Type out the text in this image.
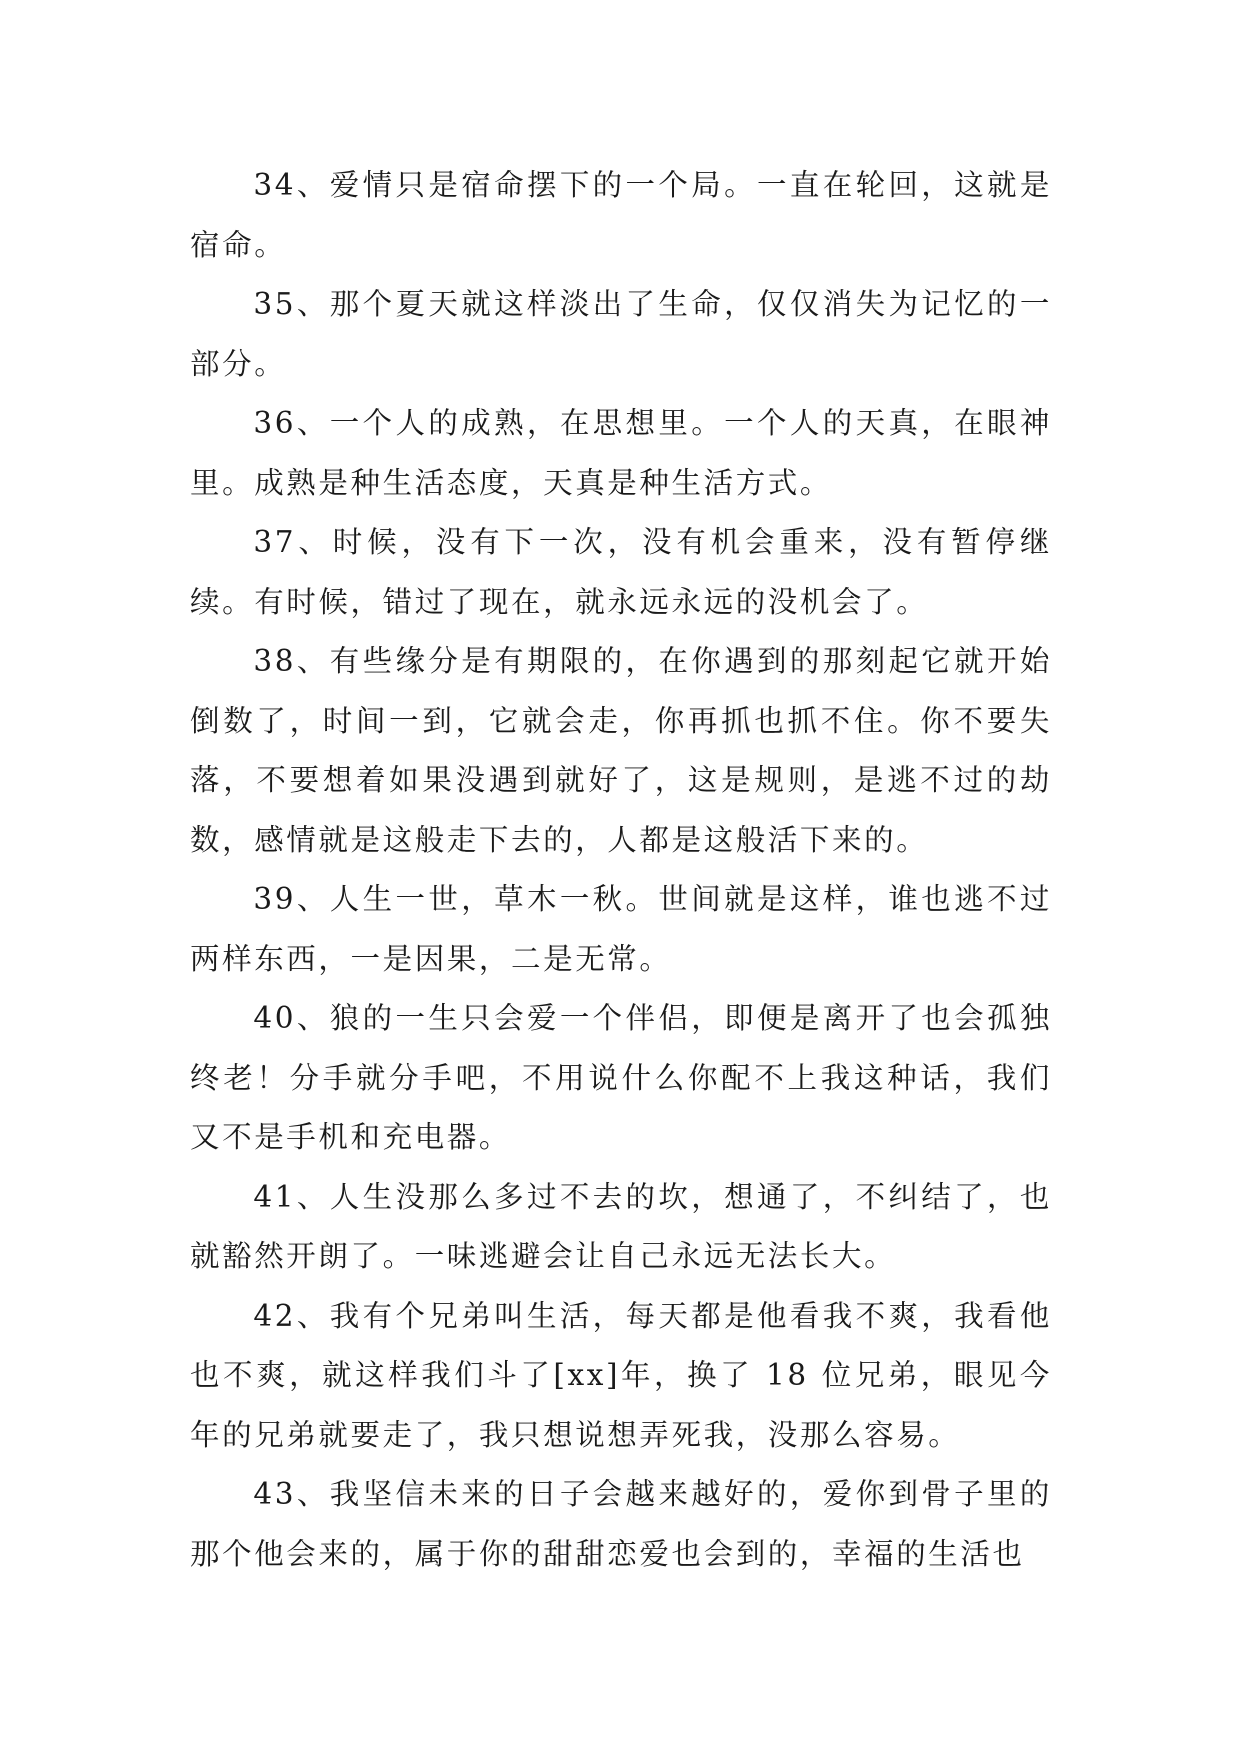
34、爱情只是宿命摆下的一个局。一直在轮回，这就是宿命。

35、那个夏天就这样淡出了生命，仅仅消失为记忆的一部分。

36、一个人的成熟，在思想里。一个人的天真，在眼神里。成熟是种生活态度，天真是种生活方式。

37、时候，没有下一次，没有机会重来，没有暂停继续。有时候，错过了现在，就永远永远的没机会了。

38、有些缘分是有期限的，在你遇到的那刻起它就开始倒数了，时间一到，它就会走，你再抓也抓不住。你不要失落，不要想着如果没遇到就好了，这是规则，是逃不过的劫数，感情就是这般走下去的，人都是这般活下来的。

39、人生一世，草木一秋。世间就是这样，谁也逃不过两样东西，一是因果，二是无常。

40、狼的一生只会爱一个伴侣，即便是离开了也会孤独终老！分手就分手吧，不用说什么你配不上我这种话，我们又不是手机和充电器。

41、人生没那么多过不去的坎，想通了，不纠结了，也就豁然开朗了。一味逃避会让自己永远无法长大。

42、我有个兄弟叫生活，每天都是他看我不爽，我看他也不爽，就这样我们斗了[xx]年，换了 18 位兄弟，眼见今年的兄弟就要走了，我只想说想弄死我，没那么容易。

43、我坚信未来的日子会越来越好的，爱你到骨子里的那个他会来的，属于你的甜甜恋爱也会到的，幸福的生活也
